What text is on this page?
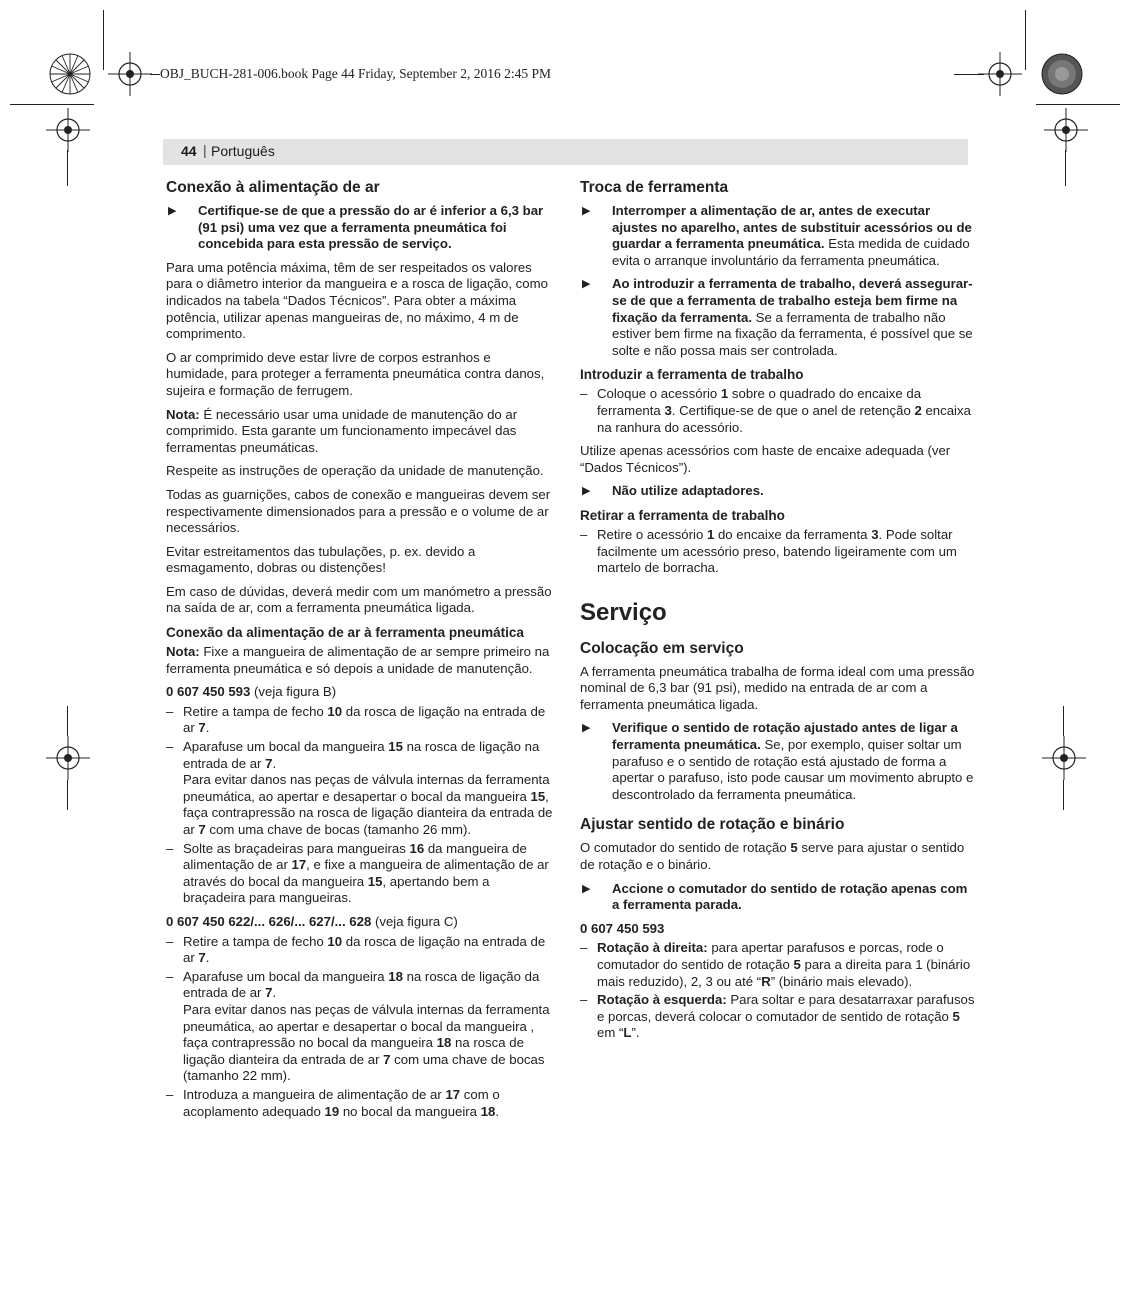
OBJ_BUCH-281-006.book Page 44 Friday, September 2, 2016 2:45 PM
44 | Português
Conexão à alimentação de ar
▶	Certifique-se de que a pressão do ar é inferior a 6,3 bar (91 psi) uma vez que a ferramenta pneumática foi concebida para esta pressão de serviço.

Para uma potência máxima, têm de ser respeitados os valores para o diâmetro interior da mangueira e a rosca de ligação, como indicados na tabela “Dados Técnicos”. Para obter a máxima potência, utilizar apenas mangueiras de, no máximo, 4 m de comprimento.

O ar comprimido deve estar livre de corpos estranhos e humidade, para proteger a ferramenta pneumática contra danos, sujeira e formação de ferrugem.

Nota: É necessário usar uma unidade de manutenção do ar comprimido. Esta garante um funcionamento impecável das ferramentas pneumáticas.

Respeite as instruções de operação da unidade de manutenção.

Todas as guarnições, cabos de conexão e mangueiras devem ser respectivamente dimensionados para a pressão e o volume de ar necessários.

Evitar estreitamentos das tubulações, p. ex. devido a esmagamento, dobras ou distenções!

Em caso de dúvidas, deverá medir com um manómetro a pressão na saída de ar, com a ferramenta pneumática ligada.

Conexão da alimentação de ar à ferramenta pneumática

Nota: Fixe a mangueira de alimentação de ar sempre primeiro na ferramenta pneumática e só depois a unidade de manutenção.

0 607 450 593 (veja figura B)

– Retire a tampa de fecho 10 da rosca de ligação na entrada de ar 7.
– Aparafuse um bocal da mangueira 15 na rosca de ligação na entrada de ar 7.
Para evitar danos nas peças de válvula internas da ferramenta pneumática, ao apertar e desapertar o bocal da mangueira 15, faça contrapressão na rosca de ligação dianteira da entrada de ar 7 com uma chave de bocas (tamanho 26 mm).
– Solte as braçadeiras para mangueiras 16 da mangueira de alimentação de ar 17, e fixe a mangueira de alimentação de ar através do bocal da mangueira 15, apertando bem a braçadeira para mangueiras.

0 607 450 622/... 626/... 627/... 628 (veja figura C)

– Retire a tampa de fecho 10 da rosca de ligação na entrada de ar 7.
– Aparafuse um bocal da mangueira 18 na rosca de ligação da entrada de ar 7.
Para evitar danos nas peças de válvula internas da ferramenta pneumática, ao apertar e desapertar o bocal da mangueira , faça contrapressão no bocal da mangueira 18 na rosca de ligação dianteira da entrada de ar 7 com uma chave de bocas (tamanho 22 mm).
– Introduza a mangueira de alimentação de ar 17 com o acoplamento adequado 19 no bocal da mangueira 18.
Troca de ferramenta
▶	Interromper a alimentação de ar, antes de executar ajustes no aparelho, antes de substituir acessórios ou de guardar a ferramenta pneumática. Esta medida de cuidado evita o arranque involuntário da ferramenta pneumática.
▶	Ao introduzir a ferramenta de trabalho, deverá assegurar-se de que a ferramenta de trabalho esteja bem firme na fixação da ferramenta. Se a ferramenta de trabalho não estiver bem firme na fixação da ferramenta, é possível que se solte e não possa mais ser controlada.
Introduzir a ferramenta de trabalho
– Coloque o acessório 1 sobre o quadrado do encaixe da ferramenta 3. Certifique-se de que o anel de retenção 2 encaixa na ranhura do acessório.

Utilize apenas acessórios com haste de encaixe adequada (ver “Dados Técnicos”).

▶	Não utilize adaptadores.
Retirar a ferramenta de trabalho
– Retire o acessório 1 do encaixe da ferramenta 3. Pode soltar facilmente um acessório preso, batendo ligeiramente com um martelo de borracha.
Serviço
Colocação em serviço

A ferramenta pneumática trabalha de forma ideal com uma pressão nominal de 6,3 bar (91 psi), medido na entrada de ar com a ferramenta pneumática ligada.

▶	Verifique o sentido de rotação ajustado antes de ligar a ferramenta pneumática. Se, por exemplo, quiser soltar um parafuso e o sentido de rotação está ajustado de forma a apertar o parafuso, isto pode causar um movimento abrupto e descontrolado da ferramenta pneumática.
Ajustar sentido de rotação e binário

O comutador do sentido de rotação 5 serve para ajustar o sentido de rotação e o binário.

▶	Accione o comutador do sentido de rotação apenas com a ferramenta parada.

0 607 450 593

– Rotação à direita: para apertar parafusos e porcas, rode o comutador do sentido de rotação 5 para a direita para 1 (binário mais reduzido), 2, 3 ou até “R” (binário mais elevado).
– Rotação à esquerda: Para soltar e para desatarraxar parafusos e porcas, deverá colocar o comutador de sentido de rotação 5 em “L”.
